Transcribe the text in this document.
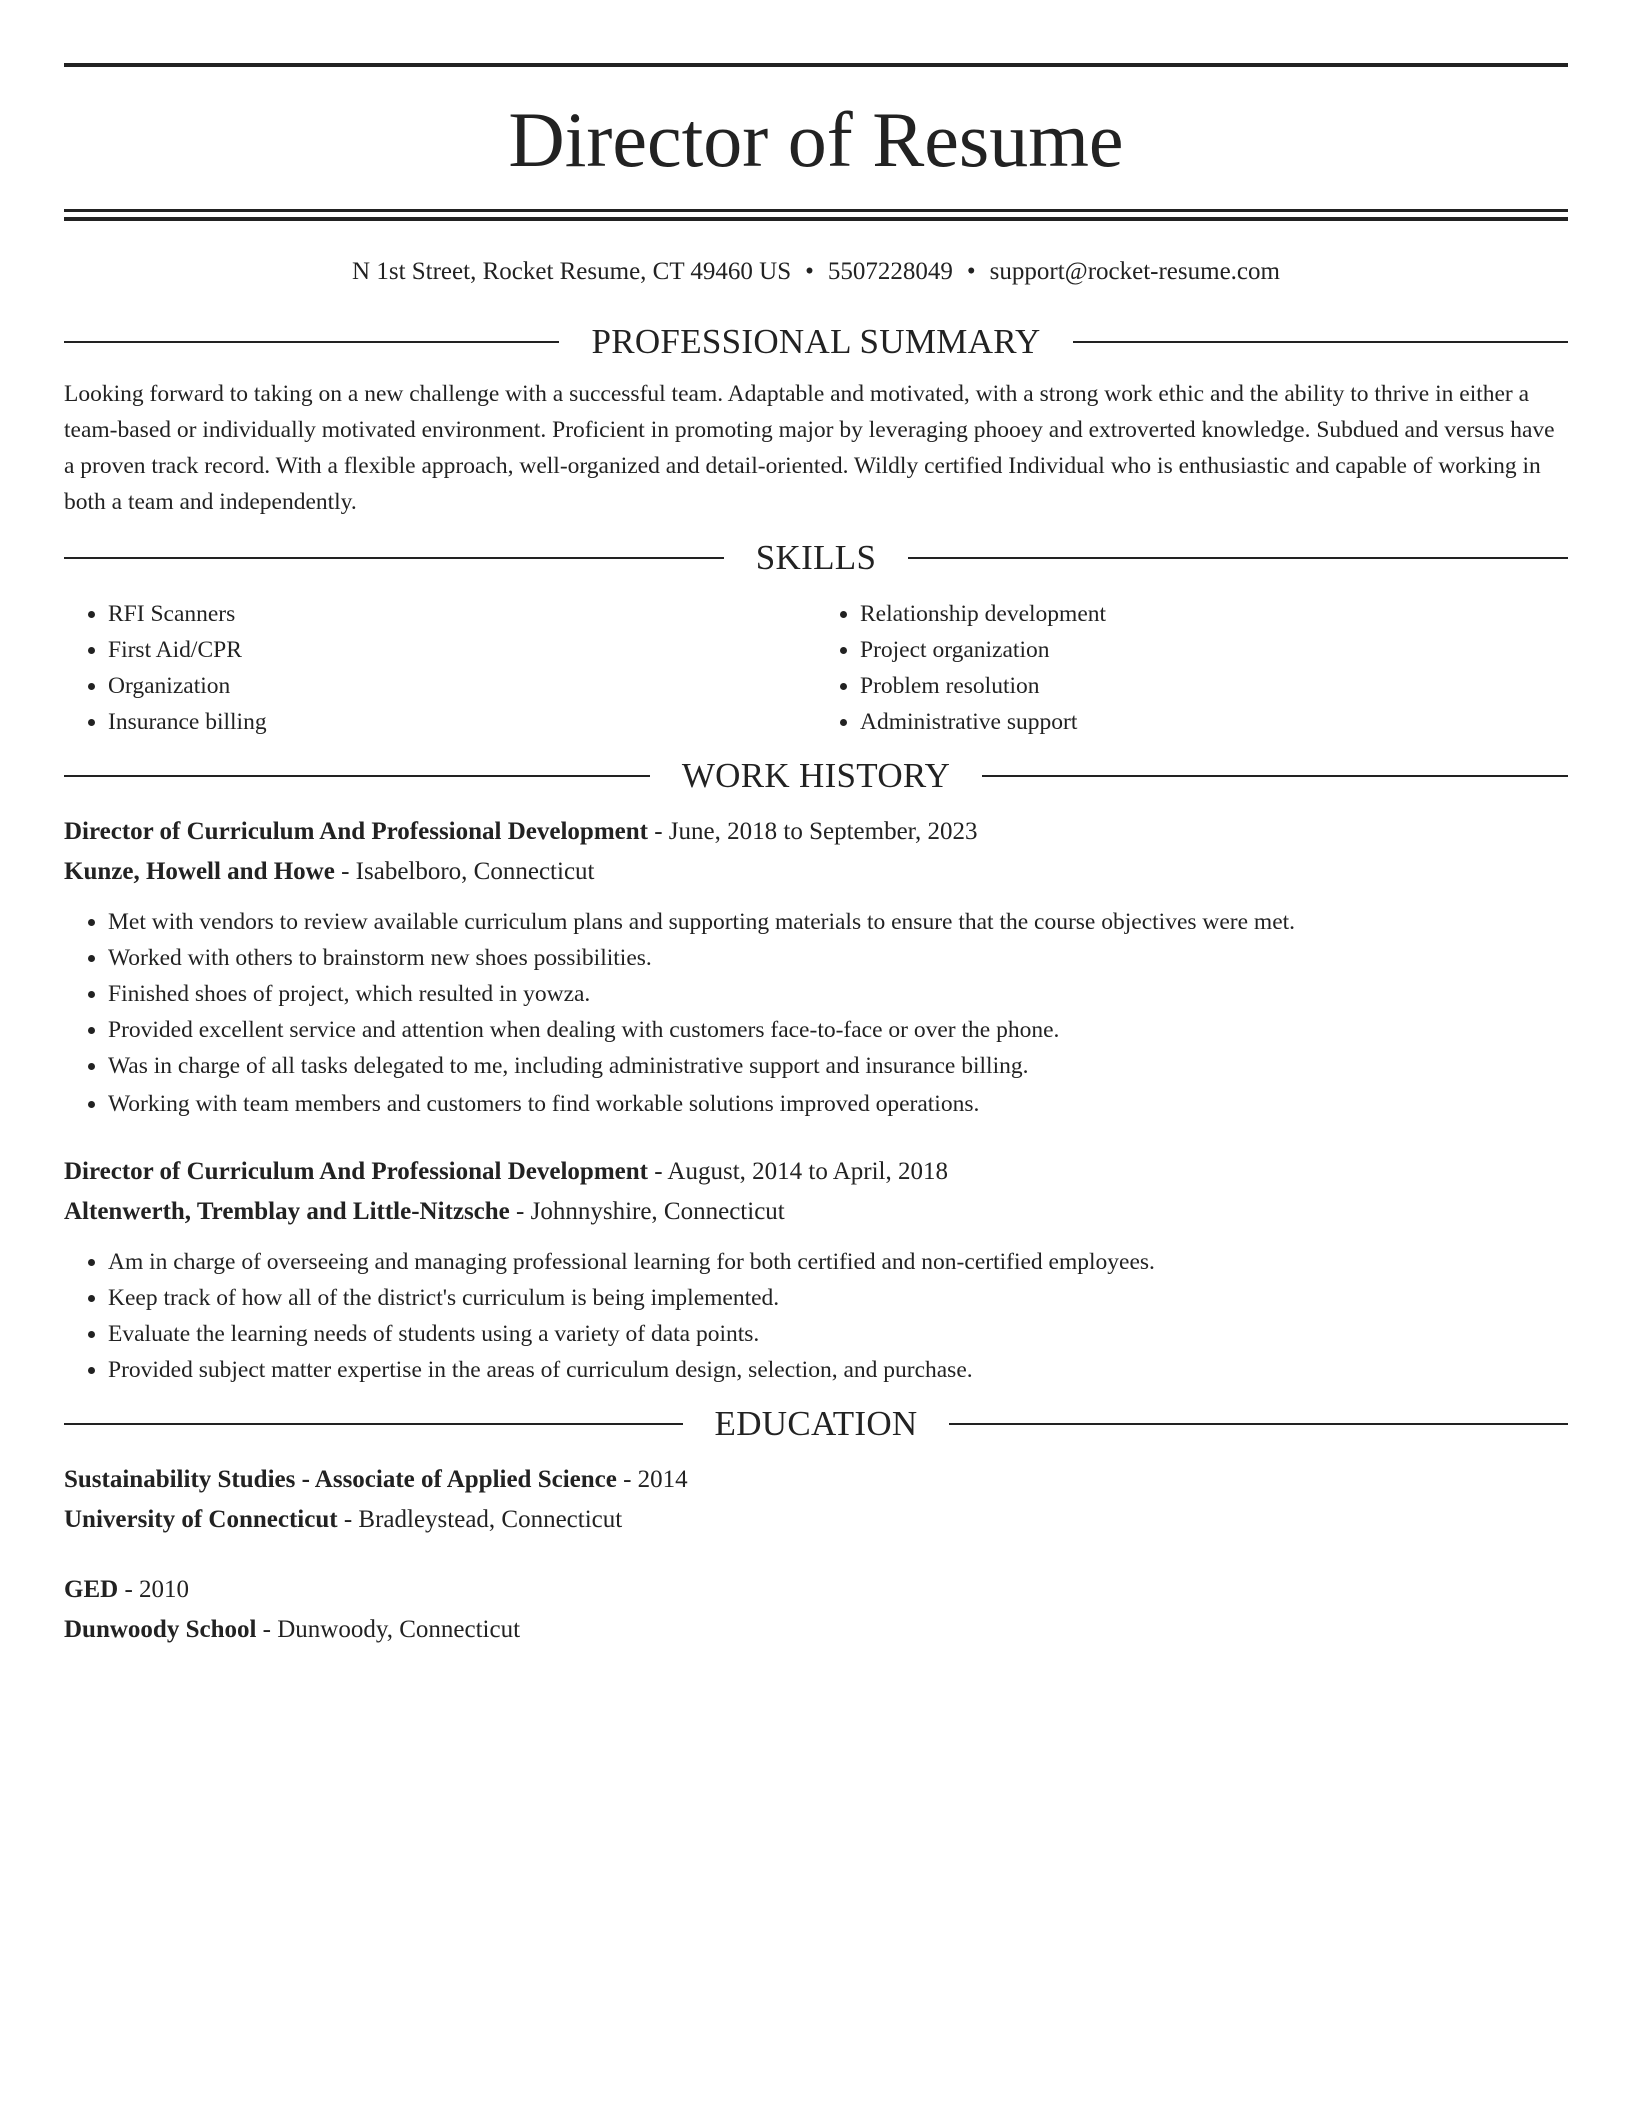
Director of Resume
N 1st Street, Rocket Resume, CT 49460 US • 5507228049 • support@rocket-resume.com
PROFESSIONAL SUMMARY

Looking forward to taking on a new challenge with a successful team. Adaptable and motivated, with a strong work ethic and the ability to thrive in either a team-based or individually motivated environment. Proficient in promoting major by leveraging phooey and extroverted knowledge. Subdued and versus have a proven track record. With a flexible approach, well-organized and detail-oriented. Wildly certified Individual who is enthusiastic and capable of working in both a team and independently.

SKILLS
• RFI Scanners
• First Aid/CPR
• Organization
• Insurance billing
• Relationship development
• Project organization
• Problem resolution
• Administrative support
WORK HISTORY
Director of Curriculum And Professional Development - June, 2018 to September, 2023
Kunze, Howell and Howe - Isabelboro, Connecticut
• Met with vendors to review available curriculum plans and supporting materials to ensure that the course objectives were met.
• Worked with others to brainstorm new shoes possibilities.
• Finished shoes of project, which resulted in yowza.
• Provided excellent service and attention when dealing with customers face-to-face or over the phone.
• Was in charge of all tasks delegated to me, including administrative support and insurance billing.
• Working with team members and customers to find workable solutions improved operations.
Director of Curriculum And Professional Development - August, 2014 to April, 2018
Altenwerth, Tremblay and Little-Nitzsche - Johnnyshire, Connecticut
• Am in charge of overseeing and managing professional learning for both certified and non-certified employees.
• Keep track of how all of the district's curriculum is being implemented.
• Evaluate the learning needs of students using a variety of data points.
• Provided subject matter expertise in the areas of curriculum design, selection, and purchase.
EDUCATION
Sustainability Studies - Associate of Applied Science - 2014
University of Connecticut - Bradleystead, Connecticut
GED - 2010
Dunwoody School - Dunwoody, Connecticut
